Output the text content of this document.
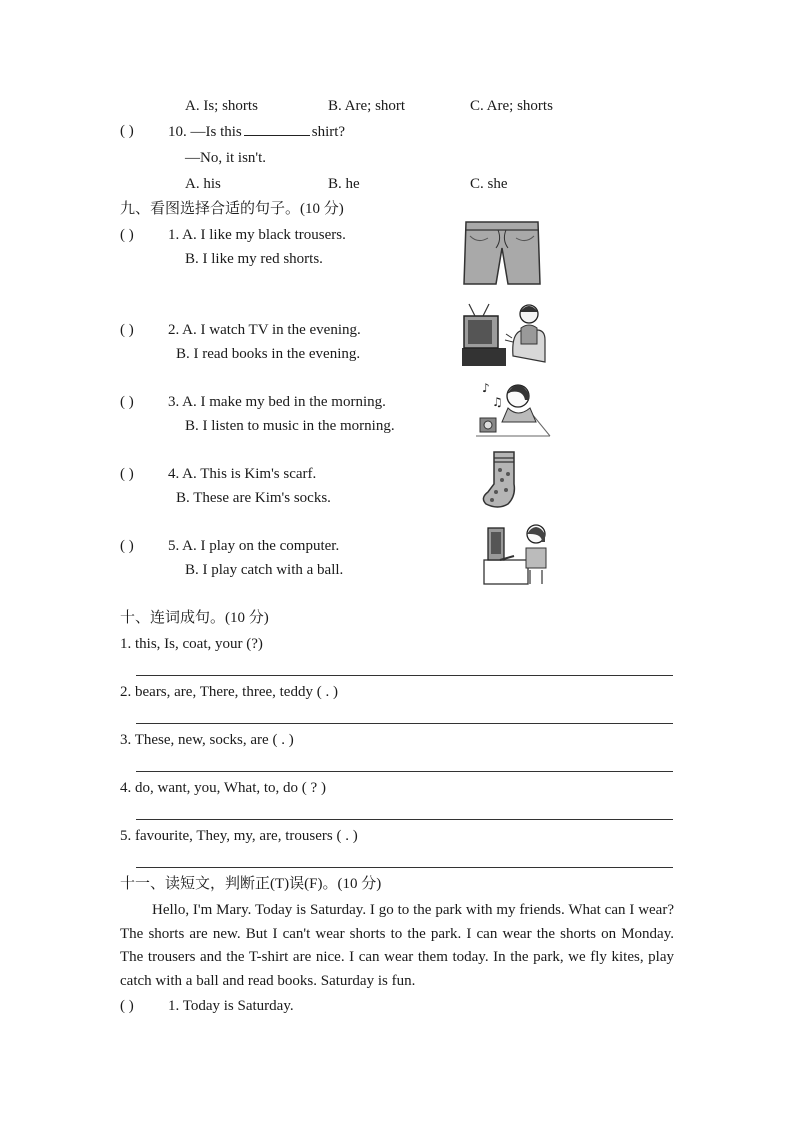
A. Is; shorts	B. Are; short	C. Are; shorts
( ) 10. —Is this	shirt?
—No, it isn't.
A. his	B. he	C. she
九、看图选择合适的句子。(10 分)
( ) 1. A. I like my black trousers.
B. I like my red shorts.
( ) 2. A. I watch TV in the evening.
B. I read books in the evening.
( ) 3. A. I make my bed in the morning.
B. I listen to music in the morning.
( ) 4. A. This is Kim's scarf.
B. These are Kim's socks.
( ) 5. A. I play on the computer.
B. I play catch with a ball.
♪
♫
十、连词成句。(10 分)
1. this, Is, coat, your (?)
2. bears, are, There, three, teddy ( . )
3. These, new, socks, are ( . )
4. do, want, you, What, to, do ( ? )
5. favourite, They, my, are, trousers ( . )
十一、读短文，判断正(T)误(F)。(10 分)
Hello, I'm Mary. Today is Saturday. I go to the park with my friends. What can I wear? The shorts are new. But I can't wear shorts to the park. I can wear the shorts on Monday. The trousers and the T-shirt are nice. I can wear them today. In the park, we fly kites, play catch with a ball and read books. Saturday is fun.
( ) 1. Today is Saturday.
